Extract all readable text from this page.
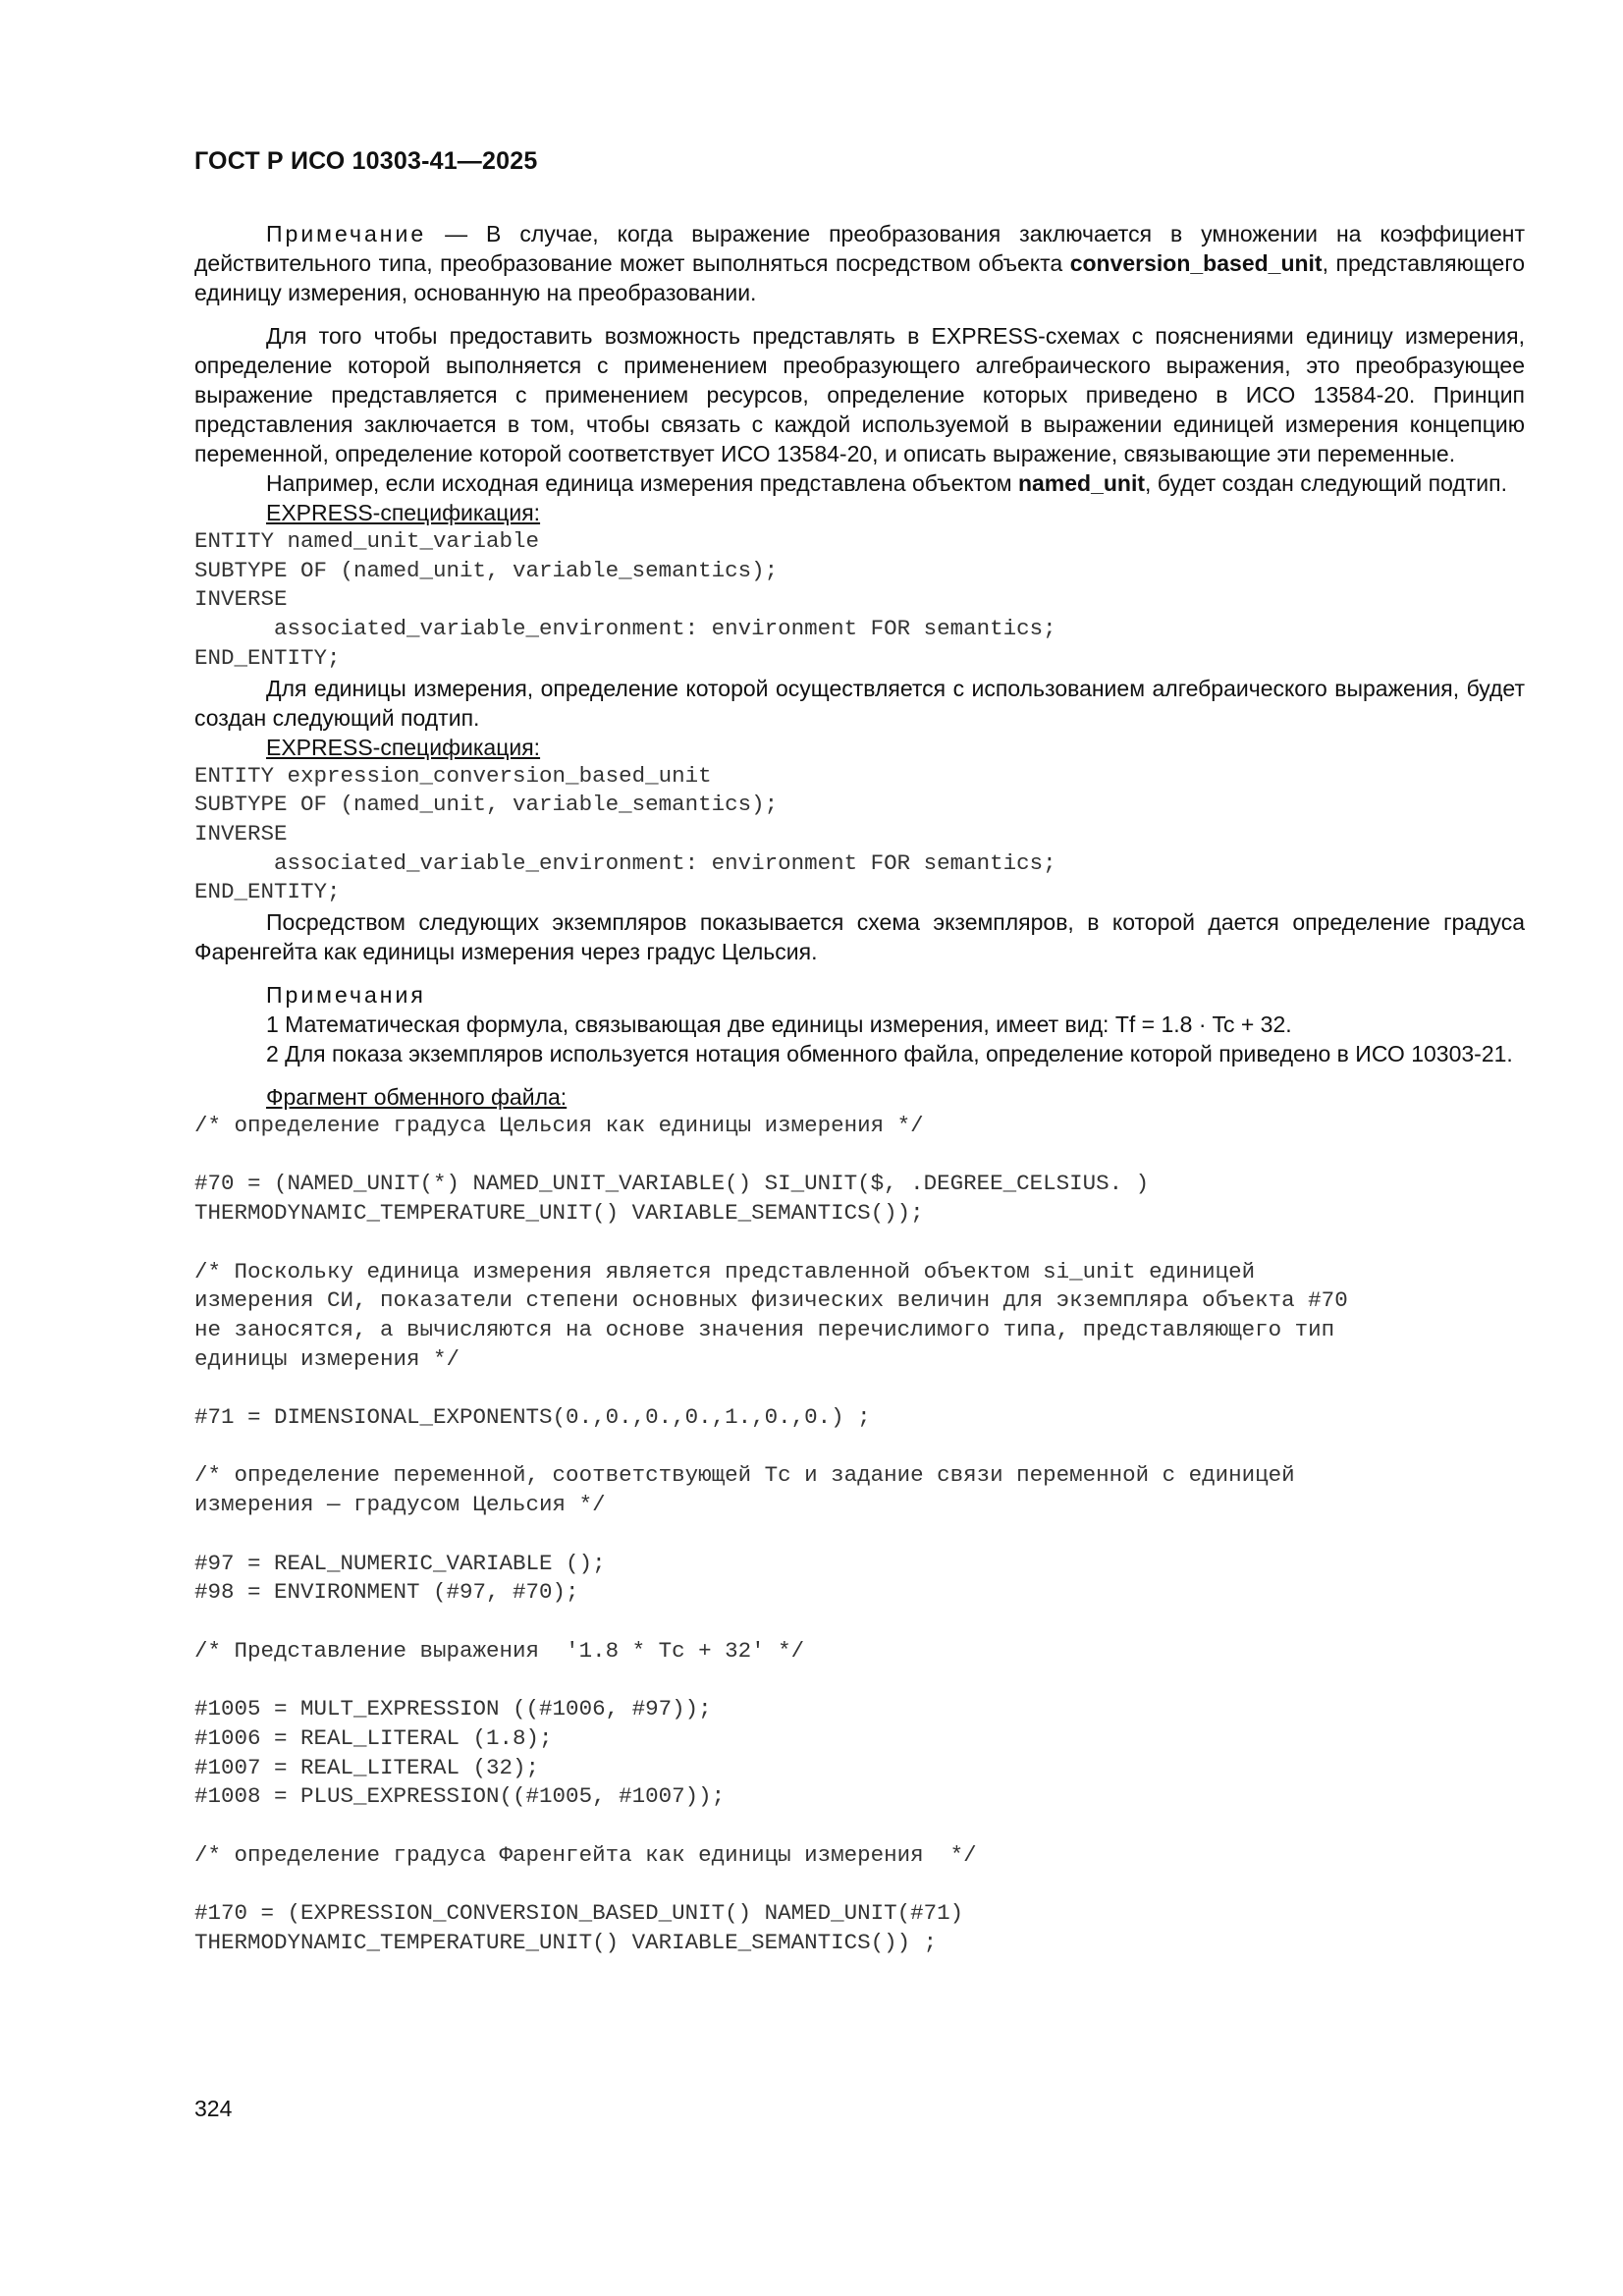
ГОСТ Р ИСО 10303-41—2025

Примечание — В случае, когда выражение преобразования заключается в умножении на коэффициент действительного типа, преобразование может выполняться посредством объекта conversion_based_unit, представляющего единицу измерения, основанную на преобразовании.

Для того чтобы предоставить возможность представлять в EXPRESS-схемах с пояснениями единицу измерения, определение которой выполняется с применением преобразующего алгебраического выражения, это преобразующее выражение представляется с применением ресурсов, определение которых приведено в ИСО 13584-20. Принцип представления заключается в том, чтобы связать с каждой используемой в выражении единицей измерения концепцию переменной, определение которой соответствует ИСО 13584-20, и описать выражение, связывающие эти переменные.

Например, если исходная единица измерения представлена объектом named_unit, будет создан следующий подтип.

EXPRESS-спецификация:
ENTITY named_unit_variable
SUBTYPE OF (named_unit, variable_semantics);
INVERSE
associated_variable_environment: environment FOR semantics;
END_ENTITY;

Для единицы измерения, определение которой осуществляется с использованием алгебраического выражения, будет создан следующий подтип.

EXPRESS-спецификация:
ENTITY expression_conversion_based_unit
SUBTYPE OF (named_unit, variable_semantics);
INVERSE
associated_variable_environment: environment FOR semantics;
END_ENTITY;

Посредством следующих экземпляров показывается схема экземпляров, в которой дается определение градуса Фаренгейта как единицы измерения через градус Цельсия.

Примечания
1 Математическая формула, связывающая две единицы измерения, имеет вид: Tf = 1.8 · Tc + 32.
2 Для показа экземпляров используется нотация обменного файла, определение которой приведено в ИСО 10303-21.
Фрагмент обменного файла:
/* определение градуса Цельсия как единицы измерения */

#70 = (NAMED_UNIT(*) NAMED_UNIT_VARIABLE() SI_UNIT($, .DEGREE_CELSIUS. )
THERMODYNAMIC_TEMPERATURE_UNIT() VARIABLE_SEMANTICS());

/* Поскольку единица измерения является представленной объектом si_unit единицей
измерения СИ, показатели степени основных физических величин для экземпляра объекта #70
не заносятся, а вычисляются на основе значения перечислимого типа, представляющего тип
единицы измерения */

#71 = DIMENSIONAL_EXPONENTS(0.,0.,0.,0.,1.,0.,0.) ;

/* определение переменной, соответствующей Tc и задание связи переменной с единицей
измерения — градусом Цельсия */

#97 = REAL_NUMERIC_VARIABLE ();
#98 = ENVIRONMENT (#97, #70);

/* Представление выражения  '1.8 * Tc + 32' */

#1005 = MULT_EXPRESSION ((#1006, #97));
#1006 = REAL_LITERAL (1.8);
#1007 = REAL_LITERAL (32);
#1008 = PLUS_EXPRESSION((#1005, #1007));

/* определение градуса Фаренгейта как единицы измерения  */

#170 = (EXPRESSION_CONVERSION_BASED_UNIT() NAMED_UNIT(#71)
THERMODYNAMIC_TEMPERATURE_UNIT() VARIABLE_SEMANTICS()) ;
324
